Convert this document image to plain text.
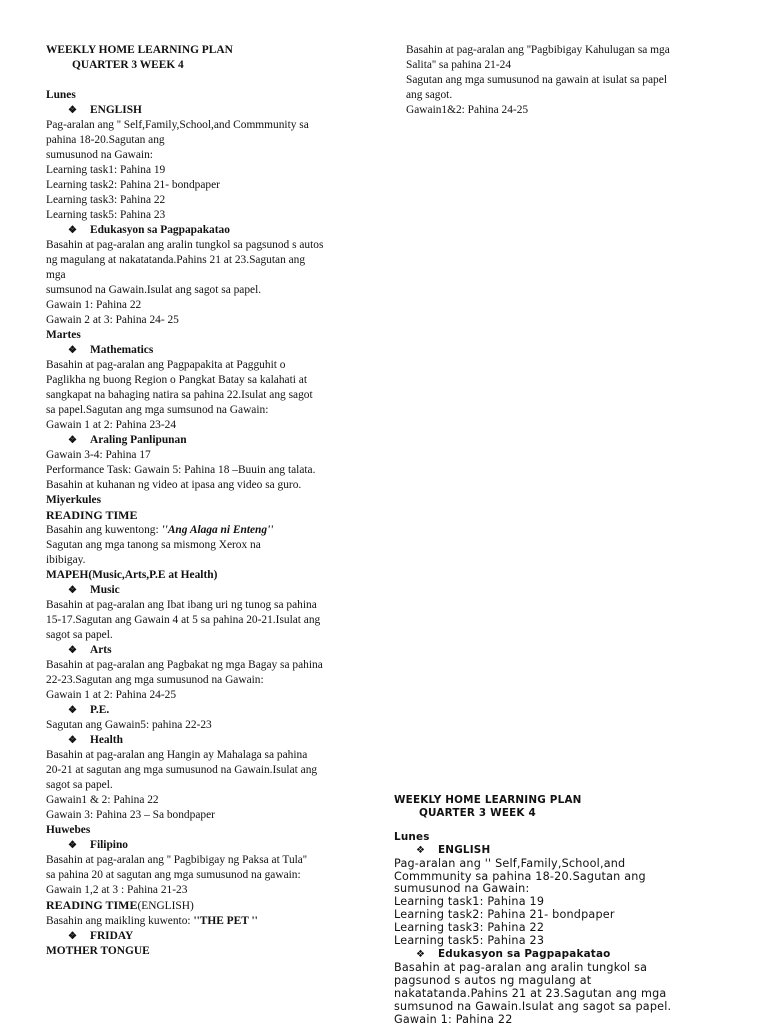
WEEKLY HOME LEARNING PLAN
QUARTER 3 WEEK 4
Lunes
❖ ENGLISH
Pag-aralan ang '' Self,Family,School,and Commmunity sa
pahina 18-20.Sagutan ang
sumusunod na Gawain:
Learning task1: Pahina 19
Learning task2: Pahina 21- bondpaper
Learning task3: Pahina 22
Learning task5: Pahina 23
❖ Edukasyon sa Pagpapakatao
Basahin at pag-aralan ang aralin tungkol sa pagsunod s autos
ng magulang at nakatatanda.Pahins 21 at 23.Sagutan ang
mga
sumsunod na Gawain.Isulat ang sagot sa papel.
Gawain 1: Pahina 22
Gawain 2 at 3: Pahina 24- 25
Martes
❖ Mathematics
Basahin at pag-aralan ang Pagpapakita at Pagguhit o
Paglikha ng buong Region o Pangkat Batay sa kalahati at
sangkapat na bahaging natira sa pahina 22.Isulat ang sagot
sa papel.Sagutan ang mga sumsunod na Gawain:
Gawain 1 at 2: Pahina 23-24
❖ Araling Panlipunan
Gawain 3-4: Pahina 17
Performance Task: Gawain 5: Pahina 18 –Buuin ang talata.
Basahin at kuhanan ng video at ipasa ang video sa guro.
Miyerkules
READING TIME
Basahin ang kuwentong: ''Ang Alaga ni Enteng''
Sagutan ang mga tanong sa mismong Xerox na
ibibigay.
MAPEH(Music,Arts,P.E at Health)
❖ Music
Basahin at pag-aralan ang Ibat ibang uri ng tunog sa pahina
15-17.Sagutan ang Gawain 4 at 5 sa pahina 20-21.Isulat ang
sagot sa papel.
❖ Arts
Basahin at pag-aralan ang Pagbakat ng mga Bagay sa pahina
22-23.Sagutan ang mga sumusunod na Gawain:
Gawain 1 at 2: Pahina 24-25
❖ P.E.
Sagutan ang Gawain5: pahina 22-23
❖ Health
Basahin at pag-aralan ang Hangin ay Mahalaga sa pahina
20-21 at sagutan ang mga sumusunod na Gawain.Isulat ang
sagot sa papel.
Gawain1 & 2: Pahina 22
Gawain 3: Pahina 23 – Sa bondpaper
Huwebes
❖ Filipino
Basahin at pag-aralan ang '' Pagbibigay ng Paksa at Tula''
sa pahina 20 at sagutan ang mga sumusunod na gawain:
Gawain 1,2 at 3 : Pahina 21-23
READING TIME(ENGLISH)
Basahin ang maikling kuwento: ''THE PET ''
❖ FRIDAY
MOTHER TONGUE
Basahin at pag-aralan ang ''Pagbibigay Kahulugan sa mga
Salita'' sa pahina 21-24
Sagutan ang mga sumusunod na gawain at isulat sa papel
ang sagot.
Gawain1&2: Pahina 24-25
WEEKLY HOME LEARNING PLAN
QUARTER 3 WEEK 4
Lunes
❖ ENGLISH
Pag-aralan ang '' Self,Family,School,and
Commmunity sa pahina 18-20.Sagutan ang
sumusunod na Gawain:
Learning task1: Pahina 19
Learning task2: Pahina 21- bondpaper
Learning task3: Pahina 22
Learning task5: Pahina 23
❖ Edukasyon sa Pagpapakatao
Basahin at pag-aralan ang aralin tungkol sa
pagsunod s autos ng magulang at
nakatatanda.Pahins 21 at 23.Sagutan ang mga
sumsunod na Gawain.Isulat ang sagot sa papel.
Gawain 1: Pahina 22
